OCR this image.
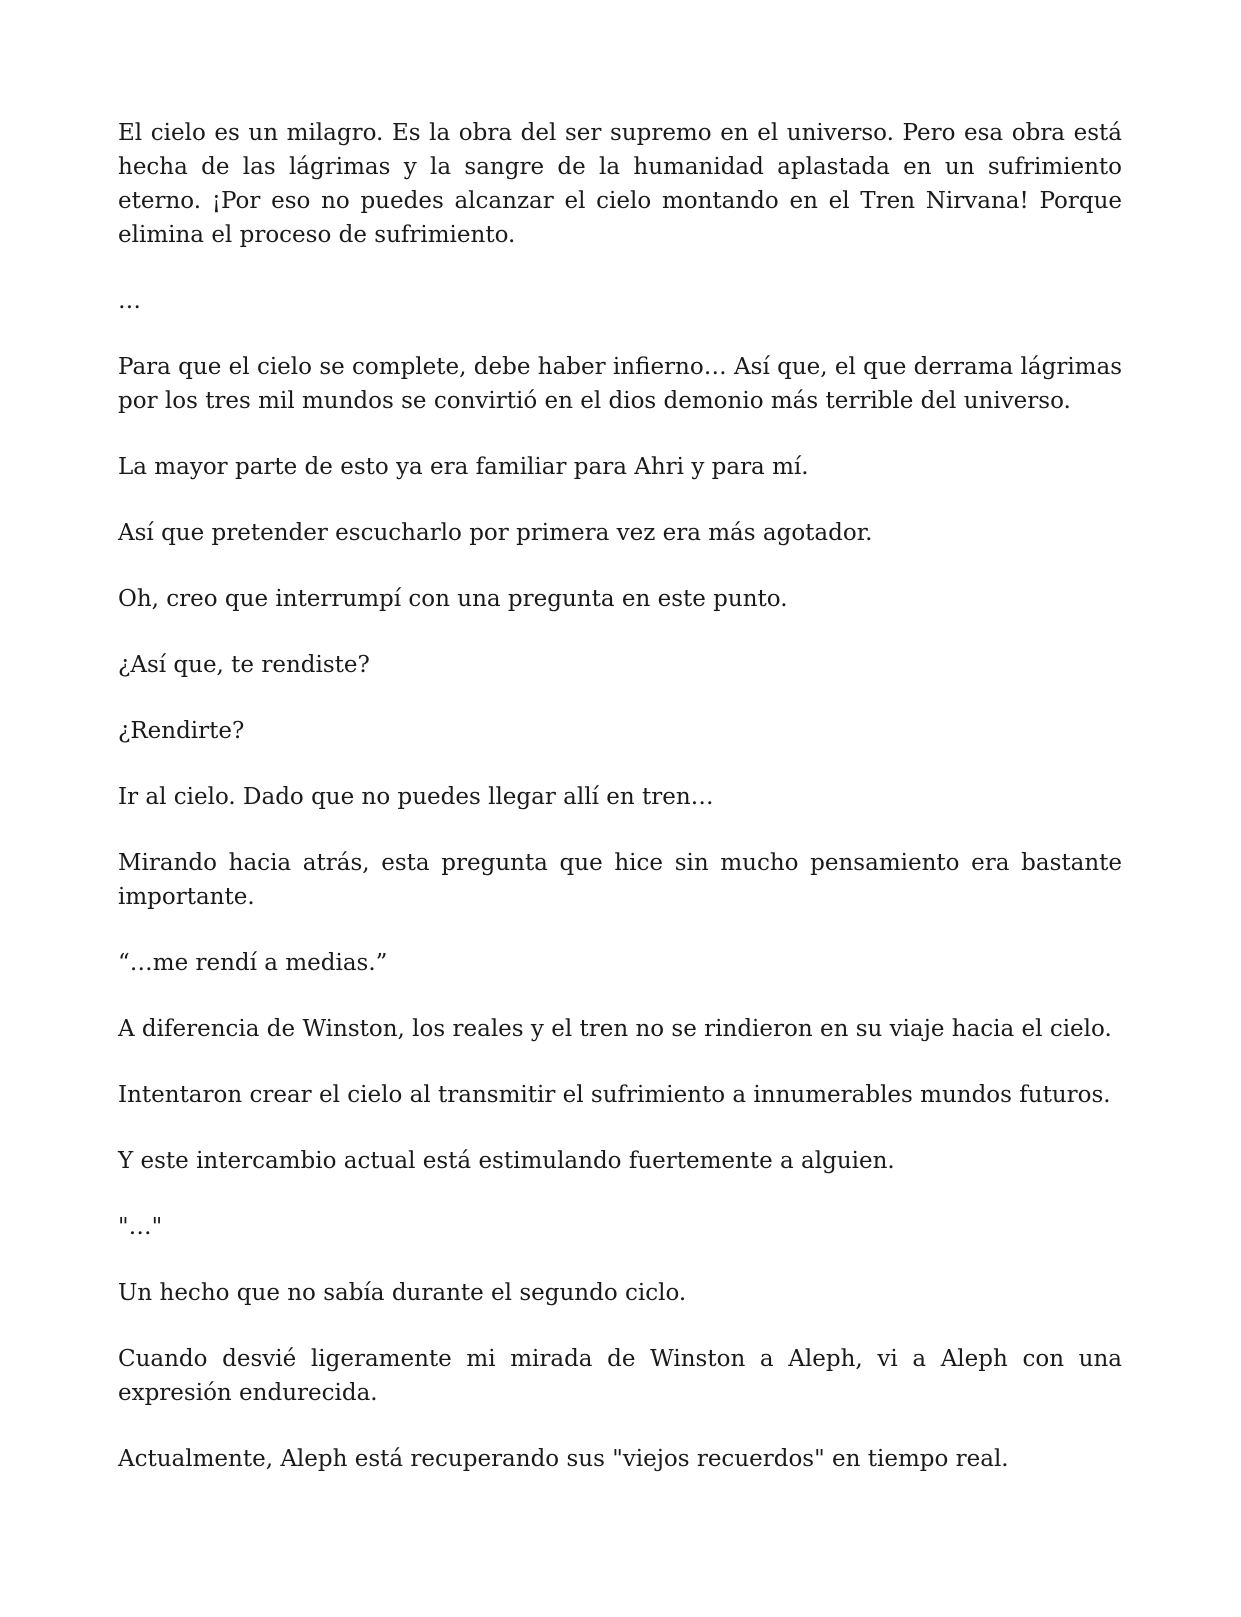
El cielo es un milagro. Es la obra del ser supremo en el universo. Pero esa obra está hecha de las lágrimas y la sangre de la humanidad aplastada en un sufrimiento eterno. ¡Por eso no puedes alcanzar el cielo montando en el Tren Nirvana! Porque elimina el proceso de sufrimiento.

…

Para que el cielo se complete, debe haber infierno… Así que, el que derrama lágrimas por los tres mil mundos se convirtió en el dios demonio más terrible del universo.

La mayor parte de esto ya era familiar para Ahri y para mí.

Así que pretender escucharlo por primera vez era más agotador.

Oh, creo que interrumpí con una pregunta en este punto.

¿Así que, te rendiste?

¿Rendirte?

Ir al cielo. Dado que no puedes llegar allí en tren…

Mirando hacia atrás, esta pregunta que hice sin mucho pensamiento era bastante importante.

“…me rendí a medias.”

A diferencia de Winston, los reales y el tren no se rindieron en su viaje hacia el cielo.

Intentaron crear el cielo al transmitir el sufrimiento a innumerables mundos futuros.

Y este intercambio actual está estimulando fuertemente a alguien.

"…"

Un hecho que no sabía durante el segundo ciclo.

Cuando desvié ligeramente mi mirada de Winston a Aleph, vi a Aleph con una expresión endurecida.

Actualmente, Aleph está recuperando sus "viejos recuerdos" en tiempo real.
